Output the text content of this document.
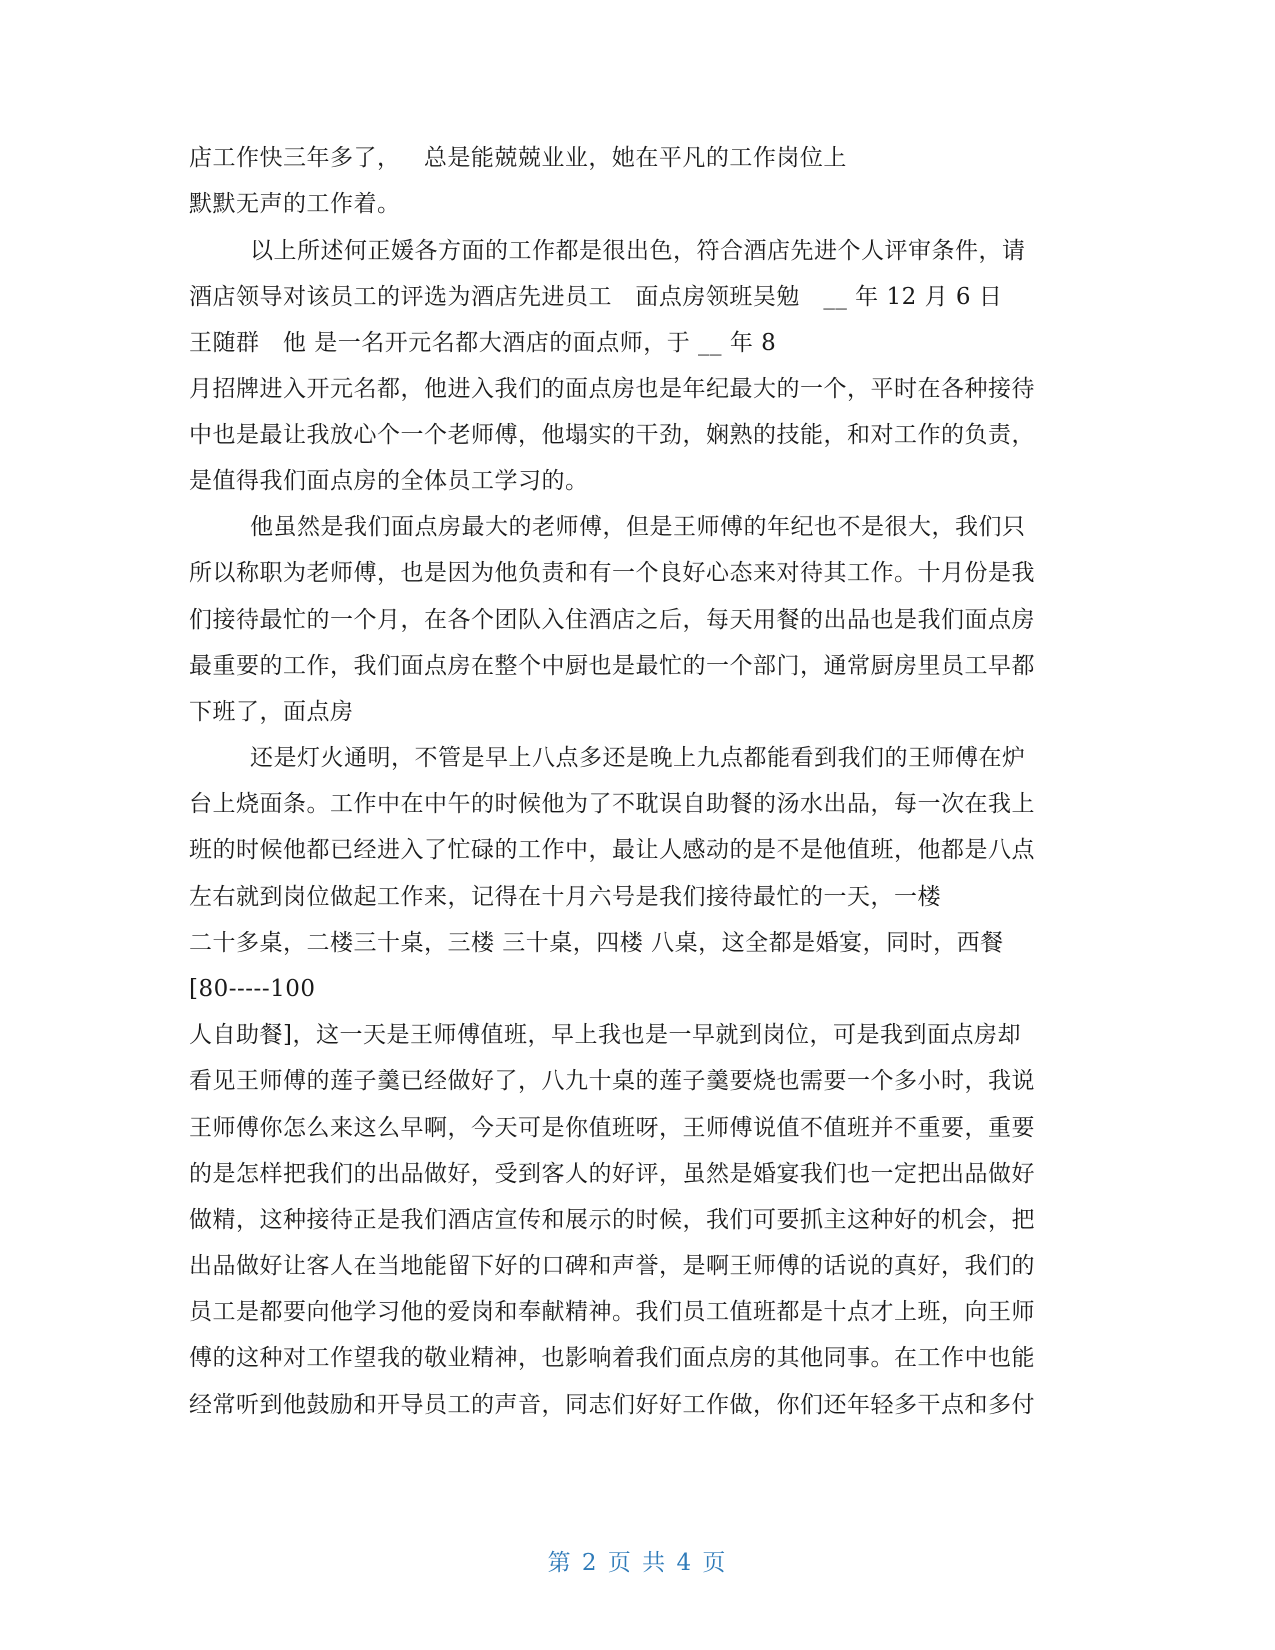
店工作快三年多了，   总是能兢兢业业，她在平凡的工作岗位上
默默无声的工作着。
以上所述何正媛各方面的工作都是很出色，符合酒店先进个人评审条件，请
酒店领导对该员工的评选为酒店先进员工   面点房领班吴勉   __ 年 12 月 6 日
王随群   他 是一名开元名都大酒店的面点师，于 __ 年 8
月招牌进入开元名都，他进入我们的面点房也是年纪最大的一个，平时在各种接待
中也是最让我放心个一个老师傅，他塌实的干劲，娴熟的技能，和对工作的负责，
是值得我们面点房的全体员工学习的。
他虽然是我们面点房最大的老师傅，但是王师傅的年纪也不是很大，我们只
所以称职为老师傅，也是因为他负责和有一个良好心态来对待其工作。十月份是我
们接待最忙的一个月，在各个团队入住酒店之后，每天用餐的出品也是我们面点房
最重要的工作，我们面点房在整个中厨也是最忙的一个部门，通常厨房里员工早都
下班了，面点房
还是灯火通明，不管是早上八点多还是晚上九点都能看到我们的王师傅在炉
台上烧面条。工作中在中午的时候他为了不耽误自助餐的汤水出品，每一次在我上
班的时候他都已经进入了忙碌的工作中，最让人感动的是不是他值班，他都是八点
左右就到岗位做起工作来，记得在十月六号是我们接待最忙的一天，一楼
二十多桌，二楼三十桌，三楼 三十桌，四楼 八桌，这全都是婚宴，同时，西餐
[80-----100
人自助餐]，这一天是王师傅值班，早上我也是一早就到岗位，可是我到面点房却
看见王师傅的莲子羹已经做好了，八九十桌的莲子羹要烧也需要一个多小时，我说
王师傅你怎么来这么早啊，今天可是你值班呀，王师傅说值不值班并不重要，重要
的是怎样把我们的出品做好，受到客人的好评，虽然是婚宴我们也一定把出品做好
做精，这种接待正是我们酒店宣传和展示的时候，我们可要抓主这种好的机会，把
出品做好让客人在当地能留下好的口碑和声誉，是啊王师傅的话说的真好，我们的
员工是都要向他学习他的爱岗和奉献精神。我们员工值班都是十点才上班，向王师
傅的这种对工作望我的敬业精神，也影响着我们面点房的其他同事。在工作中也能
经常听到他鼓励和开导员工的声音，同志们好好工作做，你们还年轻多干点和多付
第 2 页 共 4 页
